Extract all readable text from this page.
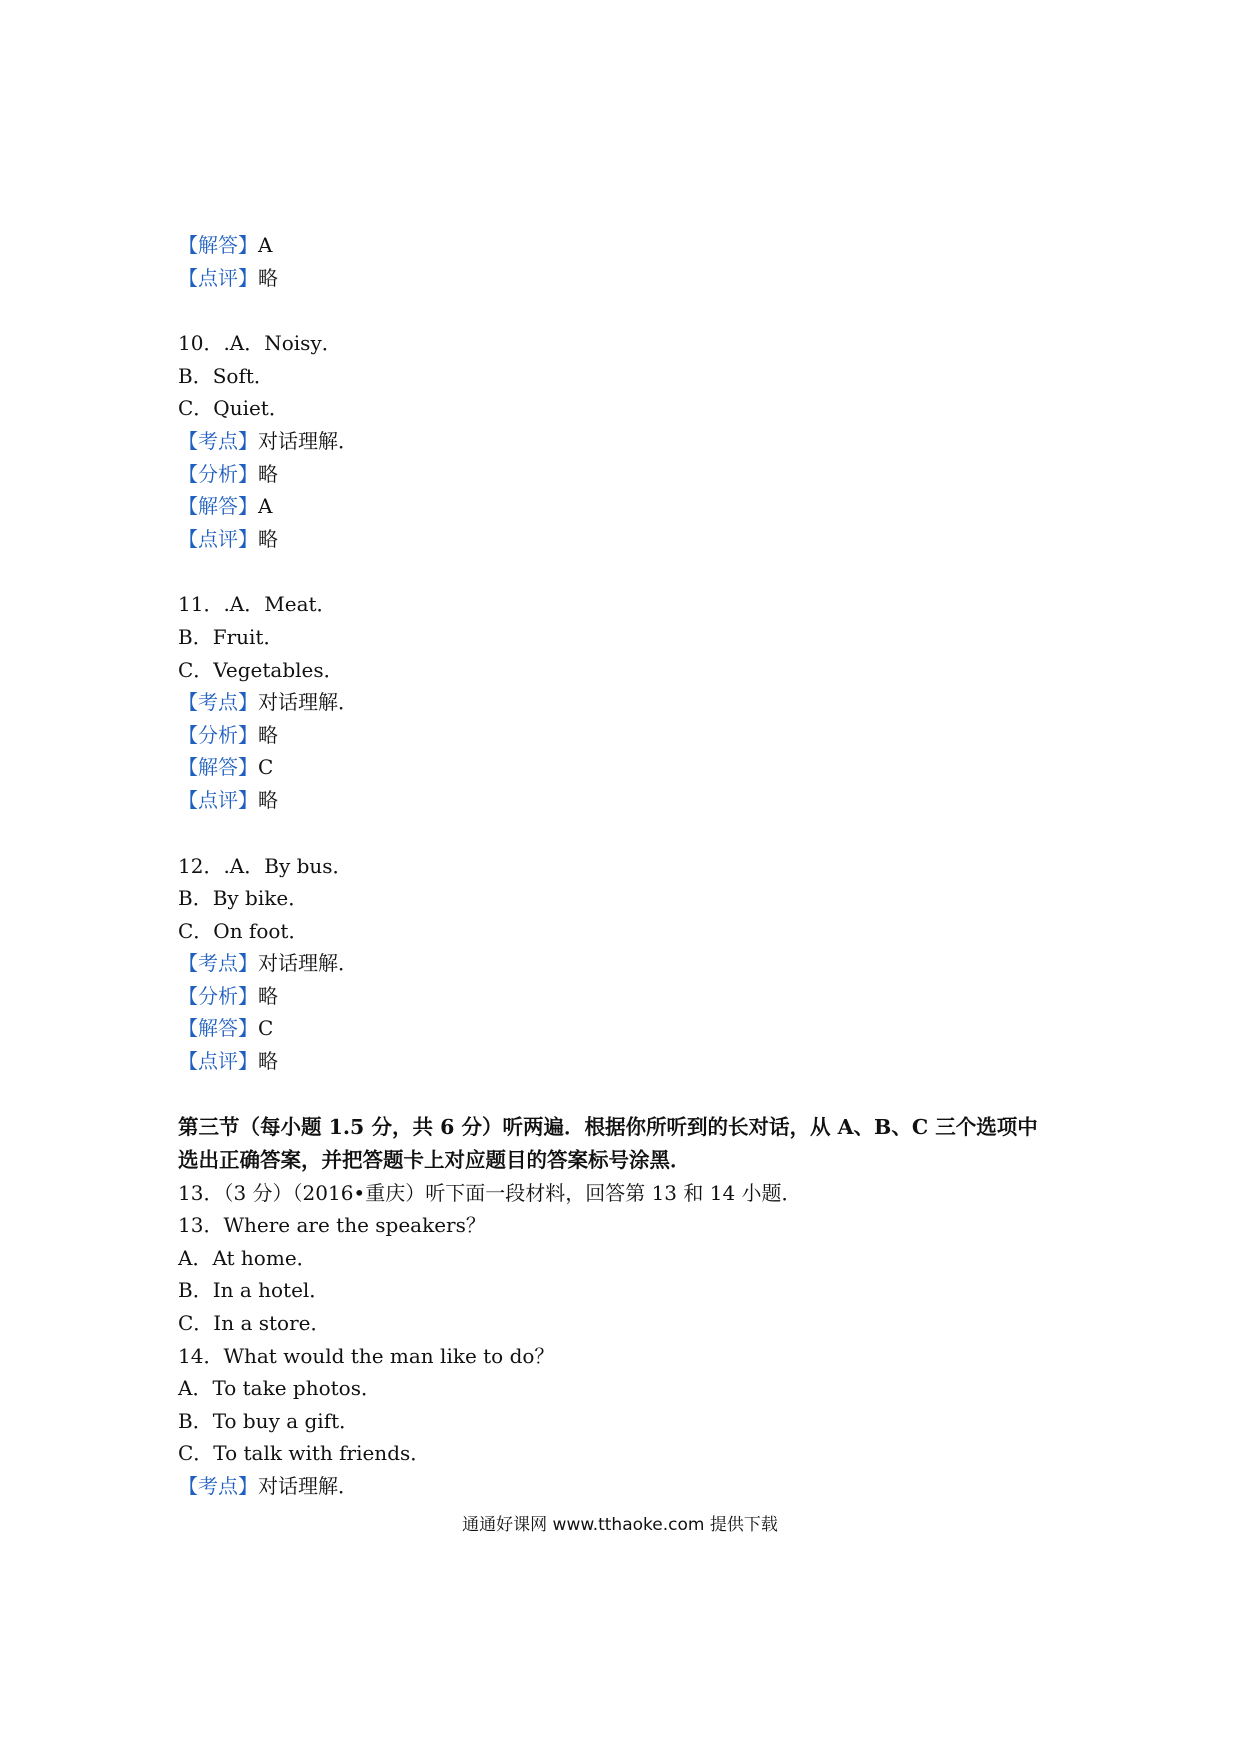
【解答】A
【点评】略
10．.A．Noisy．
B．Soft．
C．Quiet．
【考点】对话理解．
【分析】略
【解答】A
【点评】略
11．.A．Meat．
B．Fruit．
C．Vegetables．
【考点】对话理解．
【分析】略
【解答】C
【点评】略
12．.A．By bus．
B．By bike．
C．On foot．
【考点】对话理解．
【分析】略
【解答】C
【点评】略
第三节（每小题 1.5 分，共 6 分）听两遍．根据你所听到的长对话，从 A、B、C 三个选项中
选出正确答案，并把答题卡上对应题目的答案标号涂黑．
13．（3 分）（2016•重庆）听下面一段材料，回答第 13 和 14 小题．
13．Where are the speakers？
A．At home．
B．In a hotel．
C．In a store．
14．What would the man like to do？
A．To take photos．
B．To buy a gift．
C．To talk with friends．
【考点】对话理解．
通通好课网 www.tthaoke.com 提供下载
